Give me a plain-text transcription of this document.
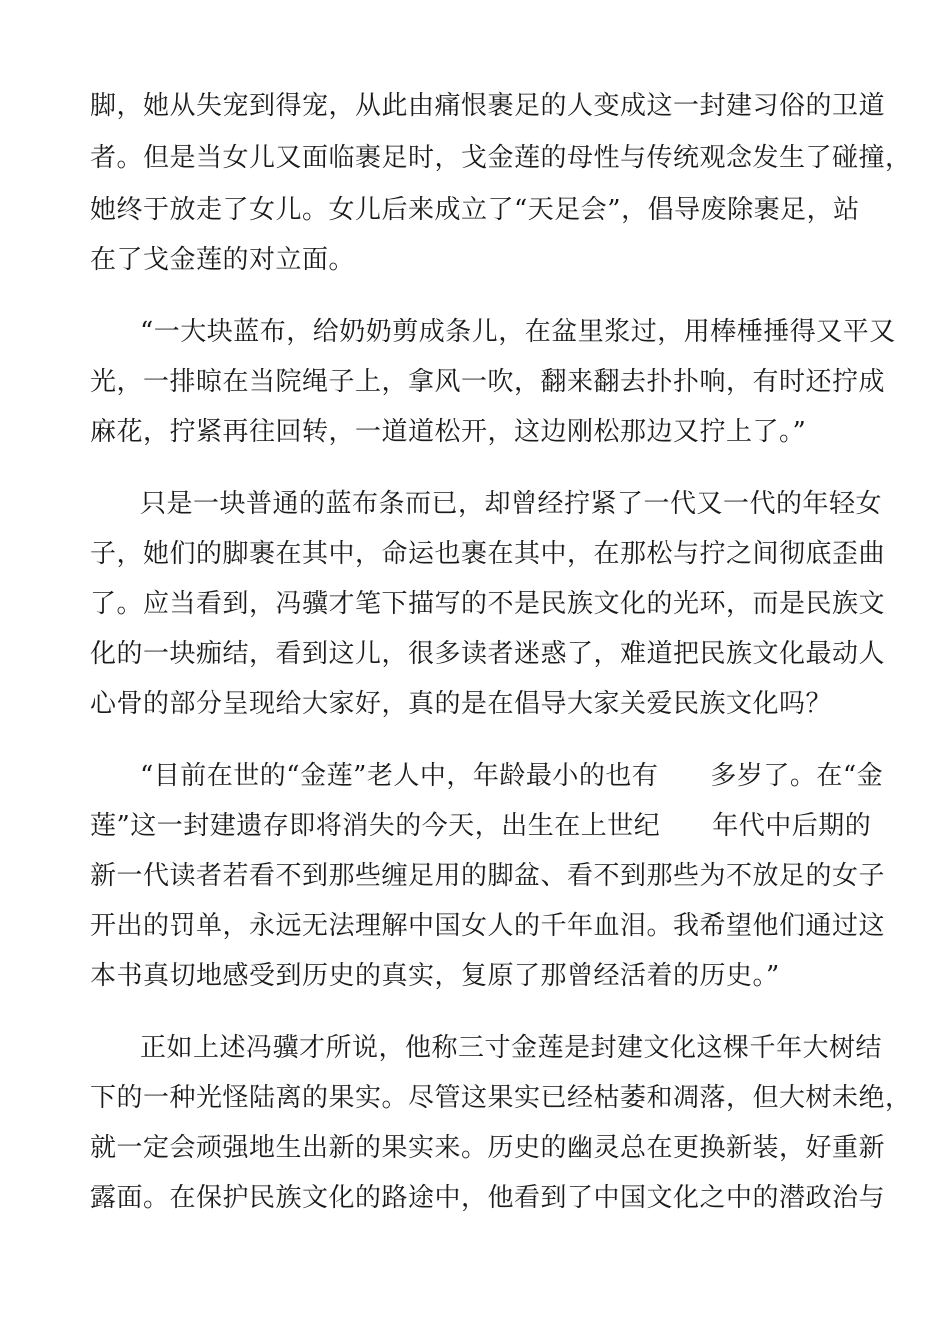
脚，她从失宠到得宠，从此由痛恨裹足的人变成这一封建习俗的卫道
者。但是当女儿又面临裹足时，戈金莲的母性与传统观念发生了碰撞，
她终于放走了女儿。女儿后来成立了“天足会”，倡导废除裹足，站
在了戈金莲的对立面。
“一大块蓝布，给奶奶剪成条儿，在盆里浆过，用棒棰捶得又平又
光，一排晾在当院绳子上，拿风一吹，翻来翻去扑扑响，有时还拧成
麻花，拧紧再往回转，一道道松开，这边刚松那边又拧上了。”
只是一块普通的蓝布条而已，却曾经拧紧了一代又一代的年轻女
子，她们的脚裹在其中，命运也裹在其中，在那松与拧之间彻底歪曲
了。应当看到，冯骥才笔下描写的不是民族文化的光环，而是民族文
化的一块痂结，看到这儿，很多读者迷惑了，难道把民族文化最动人
心骨的部分呈现给大家好，真的是在倡导大家关爱民族文化吗？
“目前在世的“金莲”老人中，年龄最小的也有 多岁了。在“金
莲”这一封建遗存即将消失的今天，出生在上世纪 年代中后期的
新一代读者若看不到那些缠足用的脚盆、看不到那些为不放足的女子
开出的罚单，永远无法理解中国女人的千年血泪。我希望他们通过这
本书真切地感受到历史的真实，复原了那曾经活着的历史。”
正如上述冯骥才所说，他称三寸金莲是封建文化这棵千年大树结
下的一种光怪陆离的果实。尽管这果实已经枯萎和凋落，但大树未绝，
就一定会顽强地生出新的果实来。历史的幽灵总在更换新装，好重新
露面。在保护民族文化的路途中，他看到了中国文化之中的潜政治与
